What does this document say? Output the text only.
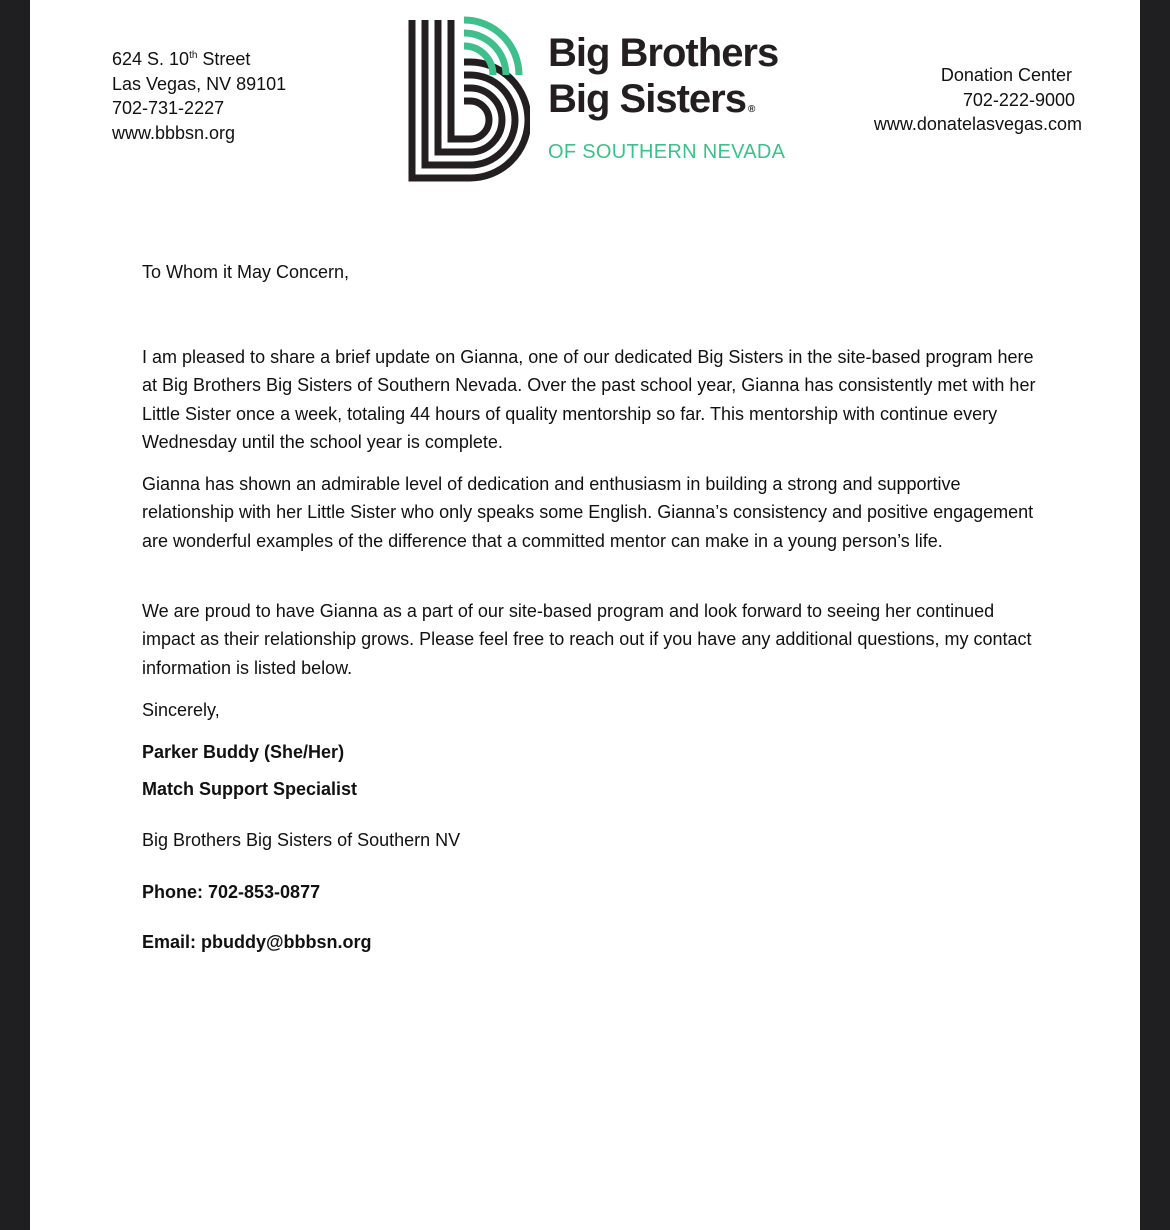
624 S. 10th Street
Las Vegas, NV 89101
702-731-2227
www.bbbsn.org
Big Brothers
Big Sisters ®
OF SOUTHERN NEVADA
Donation Center
702-222-9000
www.donatelasvegas.com

To Whom it May Concern,

I am pleased to share a brief update on Gianna, one of our dedicated Big Sisters in the site-based program here at Big Brothers Big Sisters of Southern Nevada. Over the past school year, Gianna has consistently met with her Little Sister once a week, totaling 44 hours of quality mentorship so far. This mentorship with continue every Wednesday until the school year is complete.

Gianna has shown an admirable level of dedication and enthusiasm in building a strong and supportive relationship with her Little Sister who only speaks some English. Gianna’s consistency and positive engagement are wonderful examples of the difference that a committed mentor can make in a young person’s life.

We are proud to have Gianna as a part of our site-based program and look forward to seeing her continued impact as their relationship grows. Please feel free to reach out if you have any additional questions, my contact information is listed below.

Sincerely,

Parker Buddy (She/Her)

Match Support Specialist

Big Brothers Big Sisters of Southern NV

Phone: 702-853-0877

Email: pbuddy@bbbsn.org
